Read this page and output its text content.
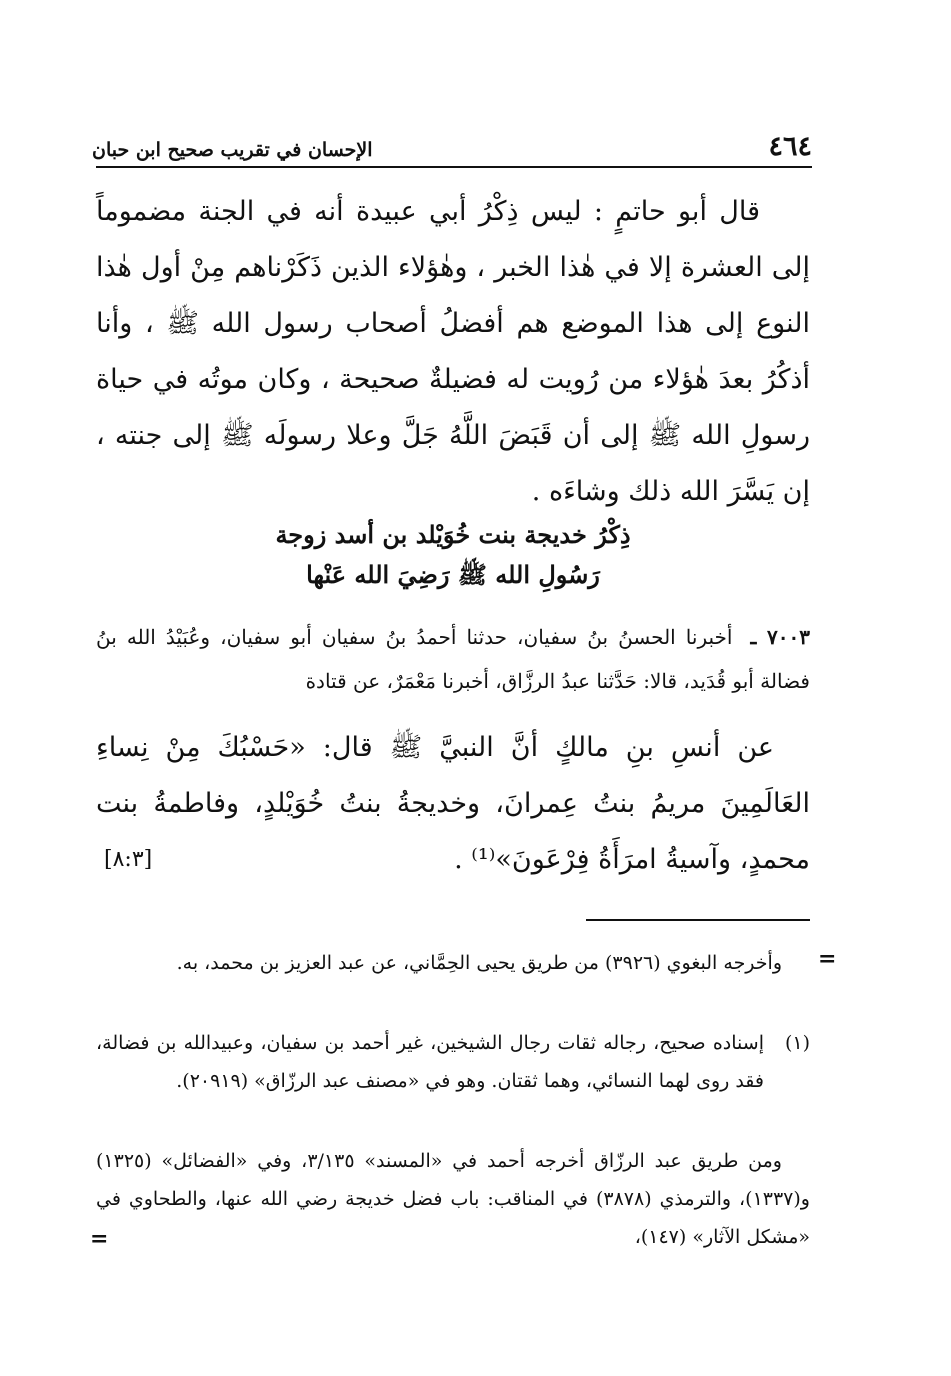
٤٦٤
الإحسان في تقريب صحيح ابن حبان

قال أبو حاتمٍ : ليس ذِكْرُ أبي عبيدة أنه في الجنة مضموماً إلى العشرة إلا في هٰذا الخبر ، وهٰؤلاء الذين ذَكَرْناهم مِنْ أول هٰذا النوع إلى هذا الموضع هم أفضلُ أصحاب رسول الله ﷺ ، وأنا أذكُرُ بعدَ هٰؤلاء من رُويت له فضيلةٌ صحيحة ، وكان موتُه في حياة رسولِ الله ﷺ إلى أن قَبَضَ اللَّهُ جَلَّ وعلا رسولَه ﷺ إلى جنته ، إن يَسَّرَ الله ذلك وشاءَه .

ذِكْرُ خديجة بنت خُوَيْلد بن أسد زوجة
رَسُولِ الله ﷺ رَضِيَ الله عَنْها

٧٠٠٣ ـ أخبرنا الحسنُ بنُ سفيان، حدثنا أحمدُ بنُ سفيان أبو سفيان، وعُبَيْدُ الله بنُ فضالة أبو قُدَيد، قالا: حَدَّثنا عبدُ الرزَّاق، أخبرنا مَعْمَرٌ، عن قتادة

عن أنسِ بنِ مالكٍ أنَّ النبيَّ ﷺ قال: «حَسْبُكَ مِنْ نِساءِ العَالَمِينَ مريمُ بنتُ عِمرانَ، وخديجةُ بنتُ خُوَيْلدٍ، وفاطمةُ بنت محمدٍ، وآسيةُ امرَأَةُ فِرْعَونَ»⁽¹⁾ .
[٨:٣]

=

وأخرجه البغوي (٣٩٢٦) من طريق يحيى الحِمَّاني، عن عبد العزيز بن محمد، به.

(١)
إسناده صحيح، رجاله ثقات رجال الشيخين، غير أحمد بن سفيان، وعبيدالله بن فضالة، فقد روى لهما النسائي، وهما ثقتان. وهو في «مصنف عبد الرزّاق» (٢٠٩١٩).

ومن طريق عبد الرزّاق أخرجه أحمد في «المسند» ٣/١٣٥، وفي «الفضائل» (١٣٢٥) و(١٣٣٧)، والترمذي (٣٨٧٨) في المناقب: باب فضل خديجة رضي الله عنها، والطحاوي في «مشكل الآثار» (١٤٧)،

=
